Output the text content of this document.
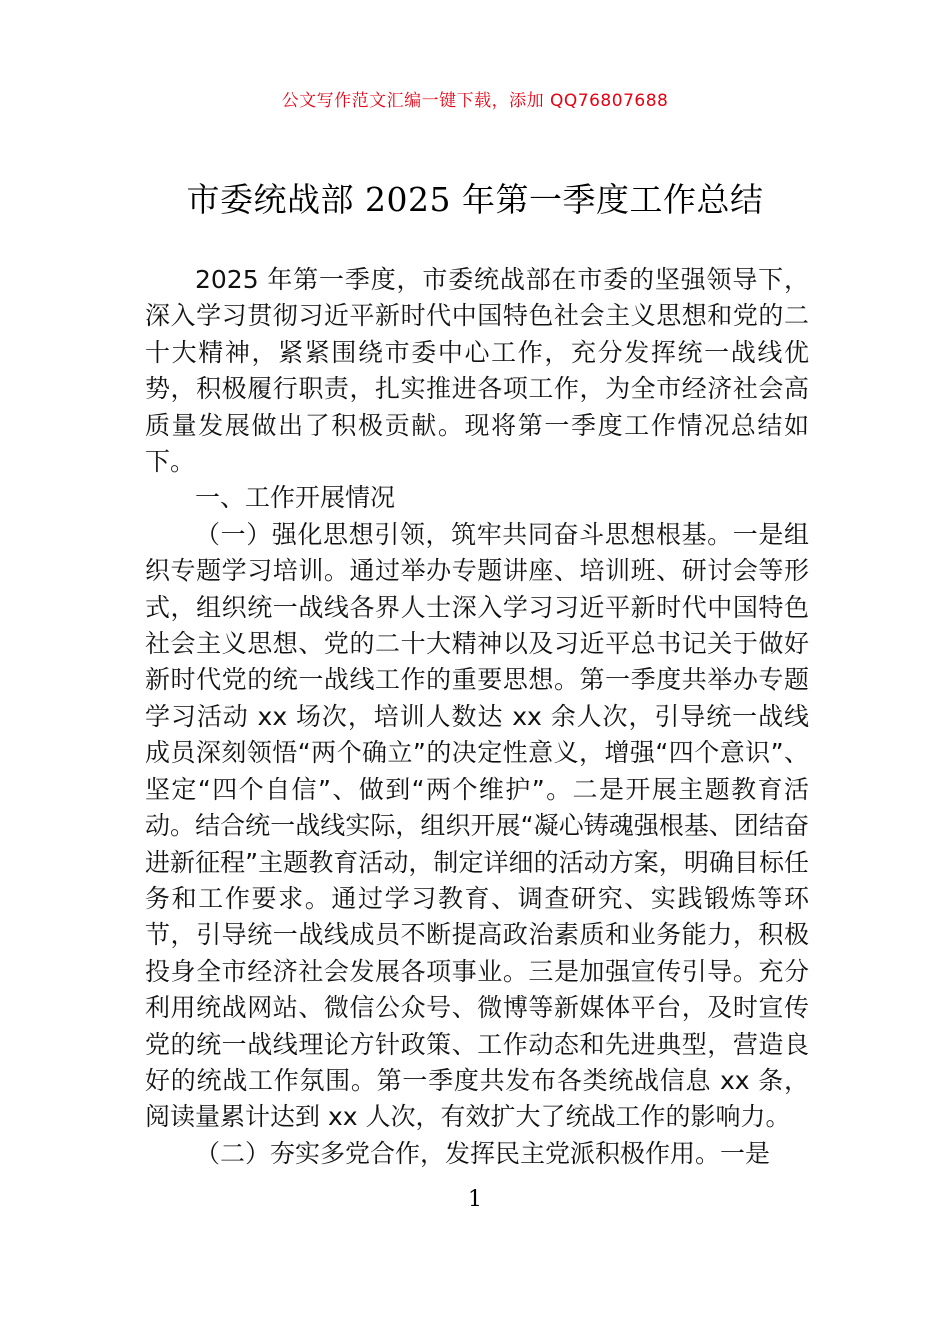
公文写作范文汇编一键下载，添加 QQ76807688
市委统战部 2025 年第一季度工作总结

2025 年第一季度，市委统战部在市委的坚强领导下，深入学习贯彻习近平新时代中国特色社会主义思想和党的二十大精神，紧紧围绕市委中心工作，充分发挥统一战线优势，积极履行职责，扎实推进各项工作，为全市经济社会高质量发展做出了积极贡献。现将第一季度工作情况总结如下。

一、工作开展情况

（一）强化思想引领，筑牢共同奋斗思想根基。一是组织专题学习培训。通过举办专题讲座、培训班、研讨会等形式，组织统一战线各界人士深入学习习近平新时代中国特色社会主义思想、党的二十大精神以及习近平总书记关于做好新时代党的统一战线工作的重要思想。第一季度共举办专题学习活动 xx 场次，培训人数达 xx 余人次，引导统一战线成员深刻领悟“两个确立”的决定性意义，增强“四个意识”、坚定“四个自信”、做到“两个维护”。二是开展主题教育活动。结合统一战线实际，组织开展“凝心铸魂强根基、团结奋进新征程”主题教育活动，制定详细的活动方案，明确目标任务和工作要求。通过学习教育、调查研究、实践锻炼等环节，引导统一战线成员不断提高政治素质和业务能力，积极投身全市经济社会发展各项事业。三是加强宣传引导。充分利用统战网站、微信公众号、微博等新媒体平台，及时宣传党的统一战线理论方针政策、工作动态和先进典型，营造良好的统战工作氛围。第一季度共发布各类统战信息 xx 条，阅读量累计达到 xx 人次，有效扩大了统战工作的影响力。

（二）夯实多党合作，发挥民主党派积极作用。一是

1
